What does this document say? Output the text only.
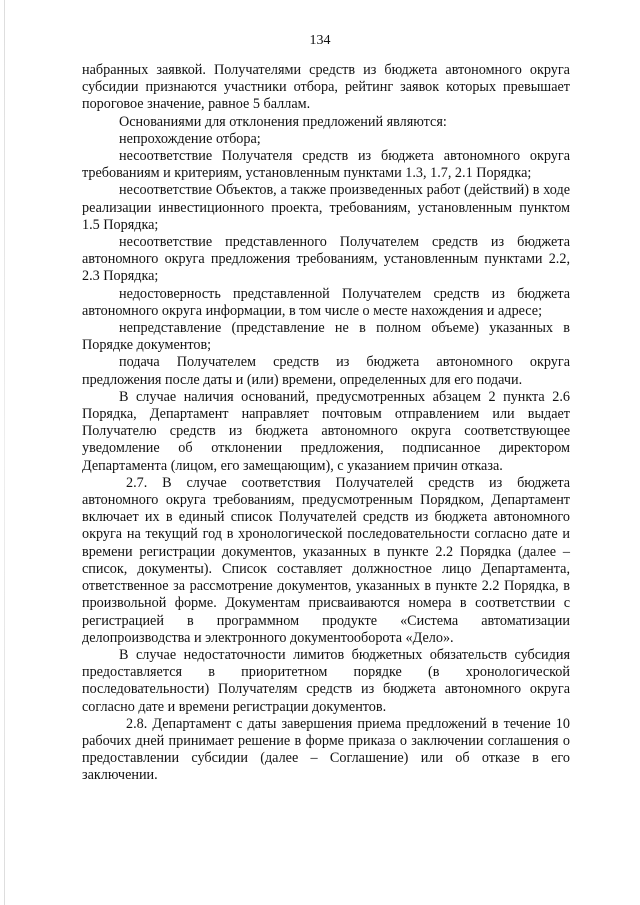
134

набранных заявкой. Получателями средств из бюджета автономного округа субсидии признаются участники отбора, рейтинг заявок которых превышает пороговое значение, равное 5 баллам.

Основаниями для отклонения предложений являются:

непрохождение отбора;

несоответствие Получателя средств из бюджета автономного округа требованиям и критериям, установленным пунктами 1.3, 1.7, 2.1 Порядка;

несоответствие Объектов, а также произведенных работ (действий) в ходе реализации инвестиционного проекта, требованиям, установленным пунктом 1.5 Порядка;

несоответствие представленного Получателем средств из бюджета автономного округа предложения требованиям, установленным пунктами 2.2, 2.3 Порядка;

недостоверность представленной Получателем средств из бюджета автономного округа информации, в том числе о месте нахождения и адресе;

непредставление (представление не в полном объеме) указанных в Порядке документов;

подача Получателем средств из бюджета автономного округа предложения после даты и (или) времени, определенных для его подачи.

В случае наличия оснований, предусмотренных абзацем 2 пункта 2.6 Порядка, Департамент направляет почтовым отправлением или выдает Получателю средств из бюджета автономного округа соответствующее уведомление об отклонении предложения, подписанное директором Департамента (лицом, его замещающим), с указанием причин отказа.

2.7. В случае соответствия Получателей средств из бюджета автономного округа требованиям, предусмотренным Порядком, Департамент включает их в единый список Получателей средств из бюджета автономного округа на текущий год в хронологической последовательности согласно дате и времени регистрации документов, указанных в пункте 2.2 Порядка (далее – список, документы). Список составляет должностное лицо Департамента, ответственное за рассмотрение документов, указанных в пункте 2.2 Порядка, в произвольной форме. Документам присваиваются номера в соответствии с регистрацией в программном продукте «Система автоматизации делопроизводства и электронного документооборота «Дело».

В случае недостаточности лимитов бюджетных обязательств субсидия предоставляется в приоритетном порядке (в хронологической последовательности) Получателям средств из бюджета автономного округа согласно дате и времени регистрации документов.

2.8. Департамент с даты завершения приема предложений в течение 10 рабочих дней принимает решение в форме приказа о заключении соглашения о предоставлении субсидии (далее – Соглашение) или об отказе в его заключении.
